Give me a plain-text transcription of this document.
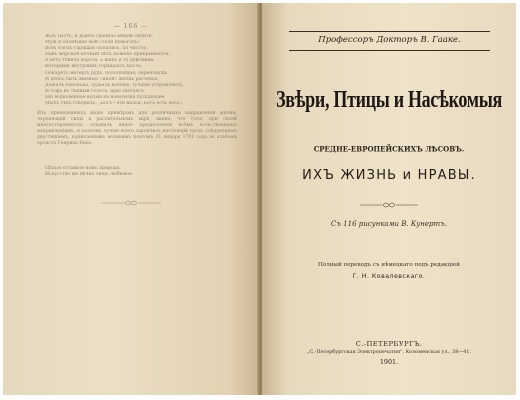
— 166 —
Ждъ тыстъ, и ждитъ гранила ѳбщей смерти.
Муж и опонѣшие мой стали помогать»
Всех союзъ-гарящая сыпались, по чистоу,
Навъ морской ночный пѣть можено прикрывается;
А ветъ тѣйилъ ворота, а живъ и тѣ дѣйсмвии,
Которыми внутряниъ горящаясъ масла,
Покаретъ метерть руда, полоснящая, переновушь
И деньъ быть жизнью «иной» жизнь растенья,
Дежалъ бабонька, тудаязъ вообще, тучами устремляетъ,
И тофъ въ тѣмный голосъ, ярко шатаясъ,
Ню водновенное вызыв въ новоселка пускающее
Мылъ тѣхъ говорилъ: „Богъ—эти вызья: Богъ есть лесь».
Изъ приведенныхъ выше примѣровъ для различныхъ направленій жизни, черпающей силы в растительномъ мірѣ, видно, что Гете, при своей многосторонности, отдавалъ явное предпочтеніе всѣмъ естественнымъ направленіямъ, и поэтому лучше всего закончить настоящій трудъ слѣдующимъ двустишіемъ, написаннымъ великимъ поэтомъ 31 января 1791 года въ альбомъ артиста Генриха Бека:
Цѣпью оставите вамъ природа,
Искусство же вѣчно лишь любимое.
Профессоръ Докторъ В. Гааке.
Звѣри, Птицы и Насѣкомыя
СРЕДНЕ-ЕВРОПЕЙСКИХЪ ЛѢСОВЪ.
ИХЪ ЖИЗНЬ и НРАВЫ.
Съ 116 рисунками В. Кунертъ.
Полный переводъ съ нѣмецкаго подъ редакціей
Г. Н. Ковалевскаго.
С.-ПЕТЕРБУРГЪ.
„С.-Петербургская Электропечатня", Коломенская ул., 38—41.
1901.
